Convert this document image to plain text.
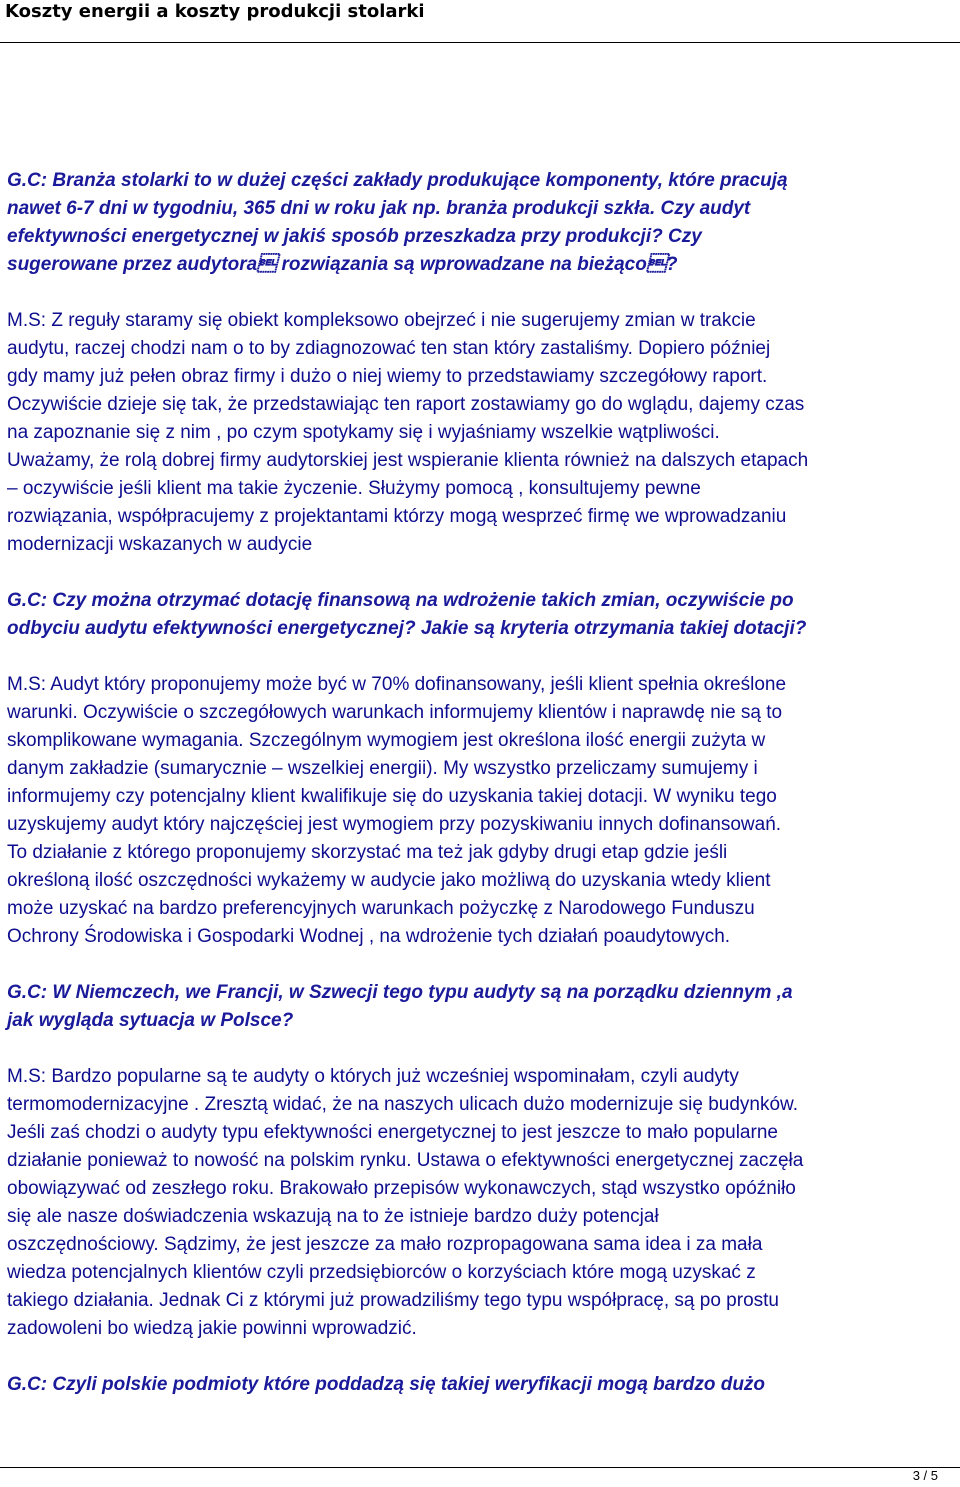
Koszty energii a koszty produkcji stolarki
G.C: Branża stolarki to w dużej części zakłady produkujące komponenty, które pracują
nawet 6-7 dni w tygodniu, 365 dni w roku jak np. branża produkcji szkła. Czy audyt
efektywności energetycznej w jakiś sposób przeszkadza przy produkcji? Czy
sugerowane przez audytora rozwiązania są wprowadzane na bieżąco?
M.S: Z reguły staramy się obiekt kompleksowo obejrzeć i nie sugerujemy zmian w trakcie
audytu, raczej chodzi nam o to by zdiagnozować ten stan który zastaliśmy. Dopiero później
gdy mamy już pełen obraz firmy i dużo o niej wiemy to przedstawiamy szczegółowy raport.
Oczywiście dzieje się tak, że przedstawiając ten raport zostawiamy go do wglądu, dajemy czas
na zapoznanie się z nim , po czym spotykamy się i wyjaśniamy wszelkie wątpliwości.
Uważamy, że rolą dobrej firmy audytorskiej jest wspieranie klienta również na dalszych etapach
– oczywiście jeśli klient ma takie życzenie. Służymy pomocą , konsultujemy pewne
rozwiązania, współpracujemy z projektantami którzy mogą wesprzeć firmę we wprowadzaniu
modernizacji wskazanych w audycie
G.C: Czy można otrzymać dotację finansową na wdrożenie takich zmian, oczywiście po
odbyciu audytu efektywności energetycznej? Jakie są kryteria otrzymania takiej dotacji?
M.S: Audyt który proponujemy może być w 70% dofinansowany, jeśli klient spełnia określone
warunki. Oczywiście o szczegółowych warunkach informujemy klientów i naprawdę nie są to
skomplikowane wymagania. Szczególnym wymogiem jest określona ilość energii zużyta w
danym zakładzie (sumarycznie – wszelkiej energii). My wszystko przeliczamy sumujemy i
informujemy czy potencjalny klient kwalifikuje się do uzyskania takiej dotacji. W wyniku tego
uzyskujemy audyt który najczęściej jest wymogiem przy pozyskiwaniu innych dofinansowań.
To działanie z którego proponujemy skorzystać ma też jak gdyby drugi etap gdzie jeśli
określoną ilość oszczędności wykażemy w audycie jako możliwą do uzyskania wtedy klient
może uzyskać na bardzo preferencyjnych warunkach pożyczkę z Narodowego Funduszu
Ochrony Środowiska i Gospodarki Wodnej , na wdrożenie tych działań poaudytowych.
G.C: W Niemczech, we Francji, w Szwecji tego typu audyty są na porządku dziennym ,a
jak wygląda sytuacja w Polsce?
M.S: Bardzo popularne są te audyty o których już wcześniej wspominałam, czyli audyty
termomodernizacyjne . Zresztą widać, że na naszych ulicach dużo modernizuje się budynków.
Jeśli zaś chodzi o audyty typu efektywności energetycznej to jest jeszcze to mało popularne
działanie ponieważ to nowość na polskim rynku. Ustawa o efektywności energetycznej zaczęła
obowiązywać od zeszłego roku. Brakowało przepisów wykonawczych, stąd wszystko opóźniło
się ale nasze doświadczenia wskazują na to że istnieje bardzo duży potencjał
oszczędnościowy. Sądzimy, że jest jeszcze za mało rozpropagowana sama idea i za mała
wiedza potencjalnych klientów czyli przedsiębiorców o korzyściach które mogą uzyskać z
takiego działania. Jednak Ci z którymi już prowadziliśmy tego typu współpracę, są po prostu
zadowoleni bo wiedzą jakie powinni wprowadzić.
G.C: Czyli polskie podmioty które poddadzą się takiej weryfikacji mogą bardzo dużo
3 / 5
